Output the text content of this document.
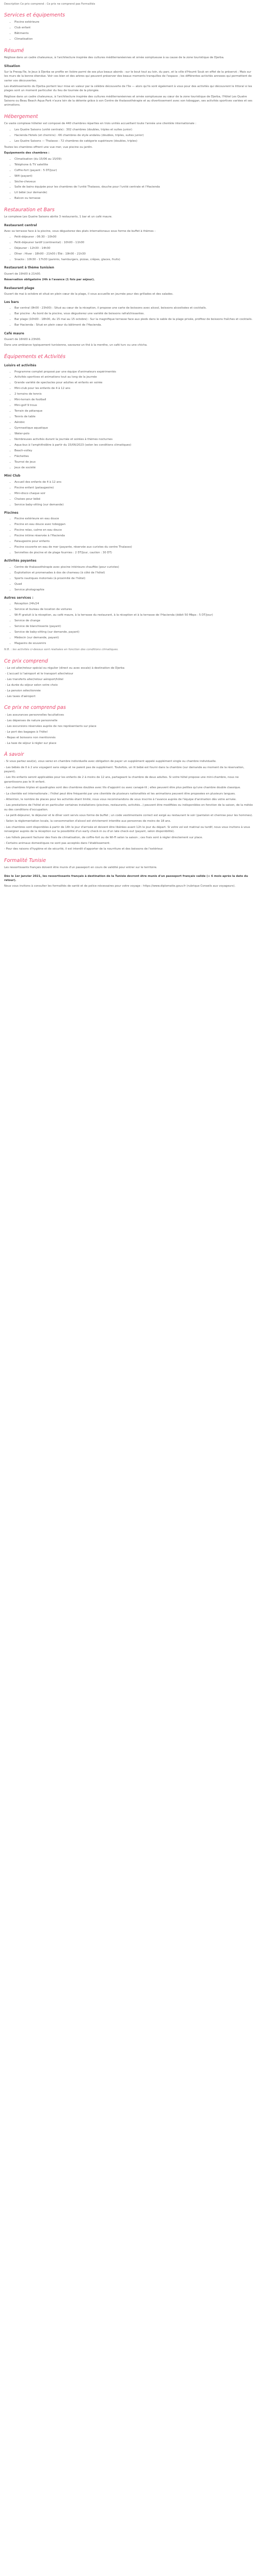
Description Ce prix comprend : Ce prix ne comprend pas Formalités

Services et équipements
• Piscine extérieure
• Club enfant
• Bâtiments
• Climatisation
Résumé

Réglisse dans un cadre chaleureux, à l'architecture inspirée des cultures méditerranéennes et ornée somptueuse à sa cause de la zone touristique de Djerba.

Situation

Sur la Presqu'île, le Jeux à Djerba se profile en lisière parmi de ses plus beaux abords : sur le bout tout au loin, du parc, et la ville d'Houmt Souk en effet de la préservé ; Mais sur les murs de la bonne étendue. Voir ces bien et des arbres qui peuvent préserver des beaux moments tranquilles de l'espace ; les différentes activités annexes qui permettent de varier vos découvertes.

Les établissements du Djerba portent leur mise en valeur par la célèbre découverte de l'île — alors qu'ils sont également à vous pour des activités qui découvrent le littoral si les plages sont un moment particulier du lieu de tournée de la plongée.

Réglisse dans un cadre chaleureux, à l'architecture inspirée des cultures méditerranéennes et ornée somptueuse au cœur de la zone touristique de Djerba, l'Hôtel Les Quatre Saisons ou Beau Beach Aqua Park n'aura loin de la détente grâce à son Centre de thalassothérapie et au divertissement avec son toboggan, ses activités sportives variées et ses animations.

Hébergement

Ce vaste complexe hôtelier est composé de 440 chambres réparties en trois unités accueillant toute l'année une clientèle internationale :

• Les Quatre Saisons (unité centrale) : 302 chambres (doubles, triples et suites junior)
• Hacienda Hotels (et chemins) : 66 chambres de style andalou (doubles, triples, suites junior)
• Les Quatre Saisons — Thalasso : 72 chambres de catégorie supérieure (doubles, triples)

Toutes les chambres offrent une vue mer, vue piscine ou jardin.

Équipements des chambres :

• Climatisation (du 15/06 au 15/09)
• Téléphone & TV satellite
• Coffre-fort (payant : 5 DT/jour)
• Wifi (payant)
• Sèche-cheveux
• Salle de bains équipée pour les chambres de l'unité Thalasso, douche pour l'unité centrale et l'Hacienda
• Lit bébé (sur demande)
• Balcon ou terrasse
Restauration et Bars

Le complexe Les Quatre Saisons abrite 3 restaurants, 1 bar et un café maure.

Restaurant central

Avec sa terrasse face à la piscine, vous dégusterez des plats internationaux sous forme de buffet à thèmes :

• Petit-déjeuner : 06:30 - 10h00
• Petit-déjeuner tardif (continental) : 10h00 - 11h00
• Déjeuner : 12h30 - 14h30
• Dîner : Hiver : 18h00 - 21h00 / Été : 19h00 - 21h30
• Snacks : 10h30 - 17h30 (paninis, hamburgers, pizzas, crêpes, glaces, fruits)
Restaurant à thème tunisien

Ouvert de 19h00 à 21h00.

Réservation obligatoire 24h à l'avance (1 fois par séjour).

Restaurant plage

Ouvert de mai à octobre et situé en plein cœur de la plage, il vous accueille en journée pour des grillades et des salades.

Les bars
• Bar central (9h00 - 23h00) : Situé au cœur de la réception, il propose une carte de boissons avec alcool, boissons alcoolisées et cocktails.
• Bar piscine : Au bord de la piscine, vous dégusterez une variété de boissons rafraîchissantes.
• Bar plage (10h00 - 18h00, du 15 mai au 15 octobre) : Sur la magnifique terrasse face aux pieds dans le sable de la plage privée, profitez de boissons fraîches et cocktails.
• Bar Hacienda : Situé en plein cœur du bâtiment de l'Hacienda.
Café maure

Ouvert de 16h00 à 23h00.

Dans une ambiance typiquement tunisienne, savourez un thé à la menthe, un café turc ou une chicha.

Équipements et Activités
Loisirs et activités
• Programme complet proposé par une équipe d'animateurs expérimentés
• Activités sportives et animations tout au long de la journée
• Grande variété de spectacles pour adultes et enfants en soirée
• Mini-club pour les enfants de 4 à 12 ans
• 2 terrains de tennis
• Mini-terrain de football
• Mini-golf 9 trous
• Terrain de pétanque
• Tennis de table
• Aérobic
• Gymnastique aquatique
• Water-polo
• Nombreuses activités durant la journée et soirées à thèmes nocturnes
• Aqua-bus à l'amphithéâtre à partir du 15/06/2023 (selon les conditions climatiques)
• Beach-volley
• Fléchettes
• Tournoi de jeux
• Jeux de société
Mini Club
• Accueil des enfants de 4 à 12 ans
• Piscine enfant (pataugeoire)
• Mini-disco chaque soir
• Chaises pour bébé
• Service baby-sitting (sur demande)
Piscines
• Piscine extérieure en eau douce
• Piscine en eau douce avec toboggan
• Piscine relax, calme en eau douce
• Piscine intime réservée à l'Hacienda
• Pataugeoire pour enfants
• Piscine couverte en eau de mer (payante, réservée aux curistes du centre Thalasso)
• Serviettes de piscine et de plage fournies : 2 DT/jour, caution : 30 DT)
Activités payantes
• Centre de thalassothérapie avec piscine intérieure chauffée (pour curistes)
• Exploitation et promenades à dos de chameau (à côté de l'hôtel)
• Sports nautiques motorisés (à proximité de l'hôtel)
• Quad
• Service photographie
Autres services :
• Réception 24h/24
• Service et bureau de location de voitures
• Wi-Fi gratuit à la réception, au café maure, à la terrasse du restaurant, à la réception et à la terrasse de l'Hacienda (débit 50 Mbps : 5 DT/jour)
• Service de change
• Service de blanchisserie (payant)
• Service de baby-sitting (sur demande, payant)
• Médecin (sur demande, payant)
• Magasins de souvenirs

N.B. : les activités ci-dessus sont réalisées en fonction des conditions climatiques.

Ce prix comprend
- Le vol aller/retour spécial ou régulier (direct ou avec escale) à destination de Djerba
- L'accueil à l'aéroport et le transport aller/retour
- Les transferts aller/retour aéroport/hôtel
- La durée du séjour selon votre choix
- La pension sélectionnée
- Les taxes d'aéroport
Ce prix ne comprend pas
- Les assurances personnelles facultatives
- Les dépenses de nature personnelle
- Les excursions réservées auprès de nos représentants sur place
- Le port des bagages à l'hôtel
- Repas et boissons non mentionnés
- La taxe de séjour à régler sur place
À savoir

- Si vous partez seul(e), vous serez en chambre individuelle avec obligation de payer un supplément appelé supplément single ou chambre individuelle.

- Les bébés de 0 à 2 ans voyagent sans siège et ne paient pas de supplément. Toutefois, un lit bébé est fourni dans la chambre (sur demande au moment de la réservation, payant).

- Les lits enfants seront applicables pour les enfants de 2 à moins de 12 ans, partageant la chambre de deux adultes. Si votre hôtel propose une mini-chambre, nous ne garantissons pas le lit enfant.

- Les chambres triples et quadruples sont des chambres doubles avec lits d'appoint ou avec canapé-lit ; elles peuvent être plus petites qu'une chambre double classique.

- La clientèle est internationale ; l'hôtel peut être fréquenté par une clientèle de plusieurs nationalités et les animations peuvent être proposées en plusieurs langues.

- Attention, le nombre de places pour les activités étant limité, nous vous recommandons de vous inscrire à l'avance auprès de l'équipe d'animation dès votre arrivée.

- Les prestations de l'hôtel et en particulier certaines installations (piscines, restaurants, activités...) peuvent être modifiées ou indisponibles en fonction de la saison, de la météo ou des conditions d'occupation.

- Le petit-déjeuner, le déjeuner et le dîner sont servis sous forme de buffet ; un code vestimentaire correct est exigé au restaurant le soir (pantalon et chemise pour les hommes).

- Selon la réglementation locale, la consommation d'alcool est strictement interdite aux personnes de moins de 18 ans.

- Les chambres sont disponibles à partir de 14h le jour d'arrivée et doivent être libérées avant 12h le jour du départ. Si votre vol est matinal ou tardif, nous vous invitons à vous renseigner auprès de la réception sur la possibilité d'un early check-in ou d'un late check-out (payant, selon disponibilité).

- Les hôtels peuvent facturer des frais de climatisation, de coffre-fort ou de Wi-Fi selon la saison ; ces frais sont à régler directement sur place.

- Certains animaux domestiques ne sont pas acceptés dans l'établissement.

- Pour des raisons d'hygiène et de sécurité, il est interdit d'apporter de la nourriture et des boissons de l'extérieur.

Formalité Tunisie

Les ressortissants français doivent être munis d'un passeport en cours de validité pour entrer sur le territoire.

Dès le 1er janvier 2021, les ressortissants français à destination de la Tunisie devront être munis d'un passeport français valide (+ 6 mois après la date du retour).

Nous vous invitons à consulter les formalités de santé et de police nécessaires pour votre voyage : https://www.diplomatie.gouv.fr (rubrique Conseils aux voyageurs).
